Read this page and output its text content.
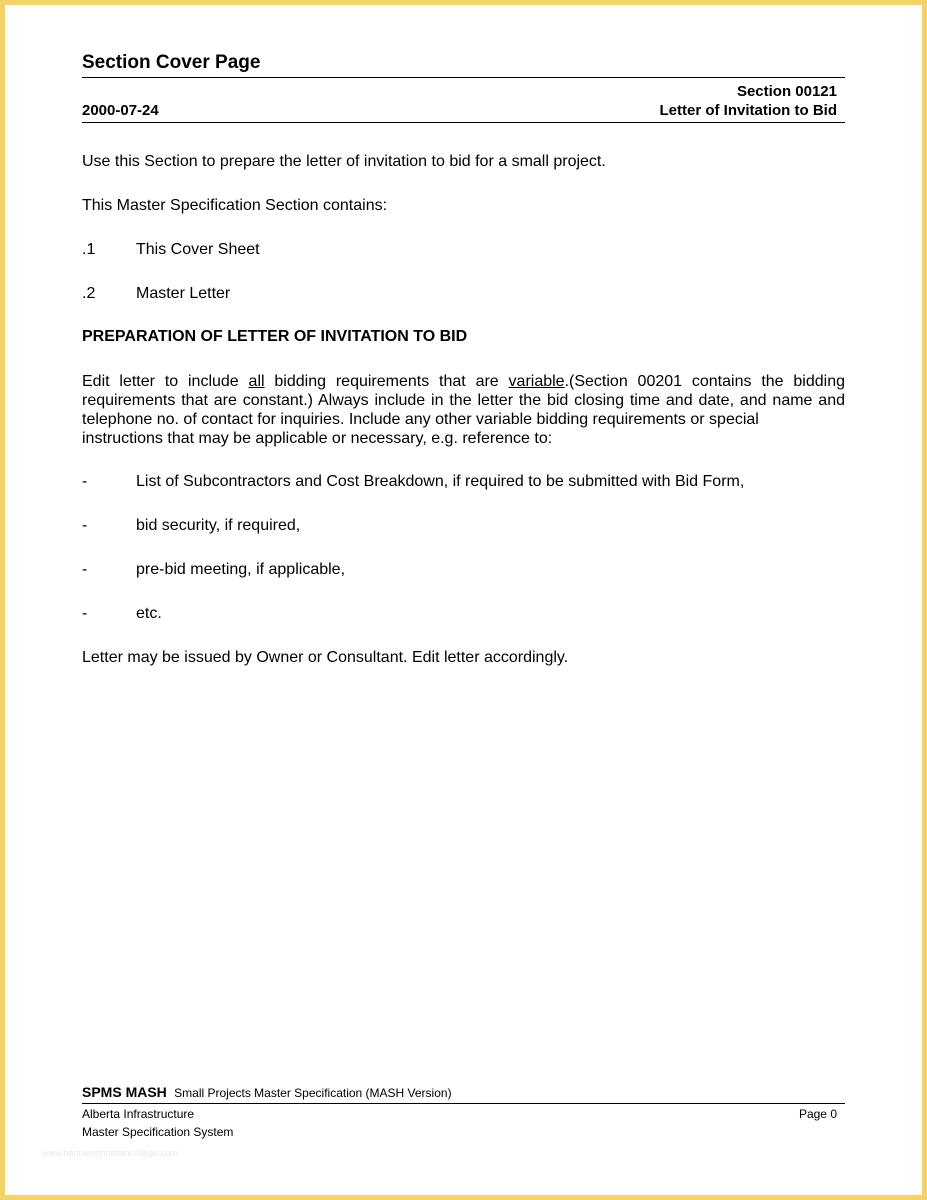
Section Cover Page
2000-07-24
Section 00121
Letter of Invitation to Bid

Use this Section to prepare the letter of invitation to bid for a small project.

This Master Specification Section contains:

.1	This Cover Sheet
.2	Master Letter
PREPARATION OF LETTER OF INVITATION TO BID

Edit letter to include all bidding requirements that are variable.(Section 00201 contains the bidding requirements that are constant.) Always include in the letter the bid closing time and date, and name and telephone no. of contact for inquiries. Include any other variable bidding requirements or special
instructions that may be applicable or necessary, e.g. reference to:

-	List of Subcontractors and Cost Breakdown, if required to be submitted with Bid Form,
-	bid security, if required,
-	pre-bid meeting, if applicable,
-	etc.

Letter may be issued by Owner or Consultant. Edit letter accordingly.

SPMS MASH Small Projects Master Specification (MASH Version)
Alberta Infrastructure	Page 0
Master Specification System
www.heritagechristiancollege.com
